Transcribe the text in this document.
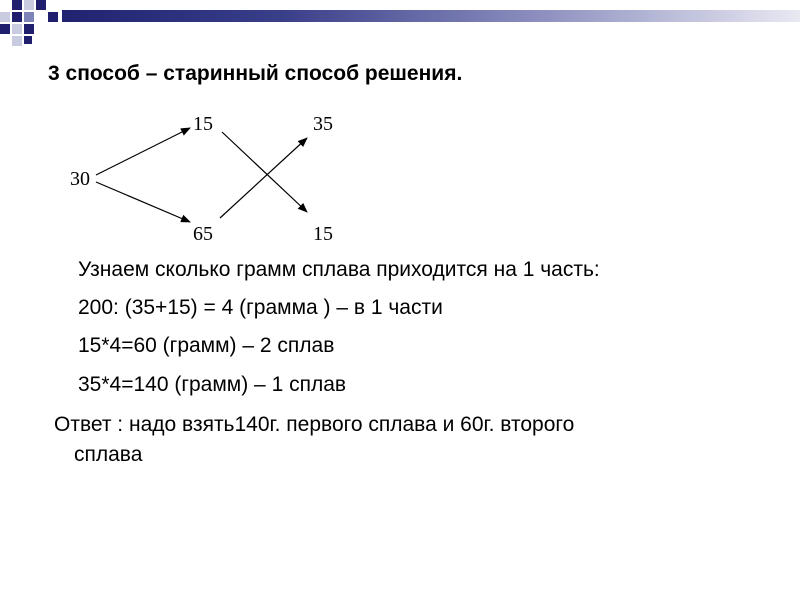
3 способ – старинный способ решения.
30
15
65
35
15
Узнаем сколько грамм сплава приходится на 1 часть:
200: (35+15) = 4 (грамма ) – в 1 части
15*4=60 (грамм) – 2 сплав
35*4=140 (грамм) – 1 сплав
Ответ : надо взять140г. первого сплава и 60г. второго
сплава
